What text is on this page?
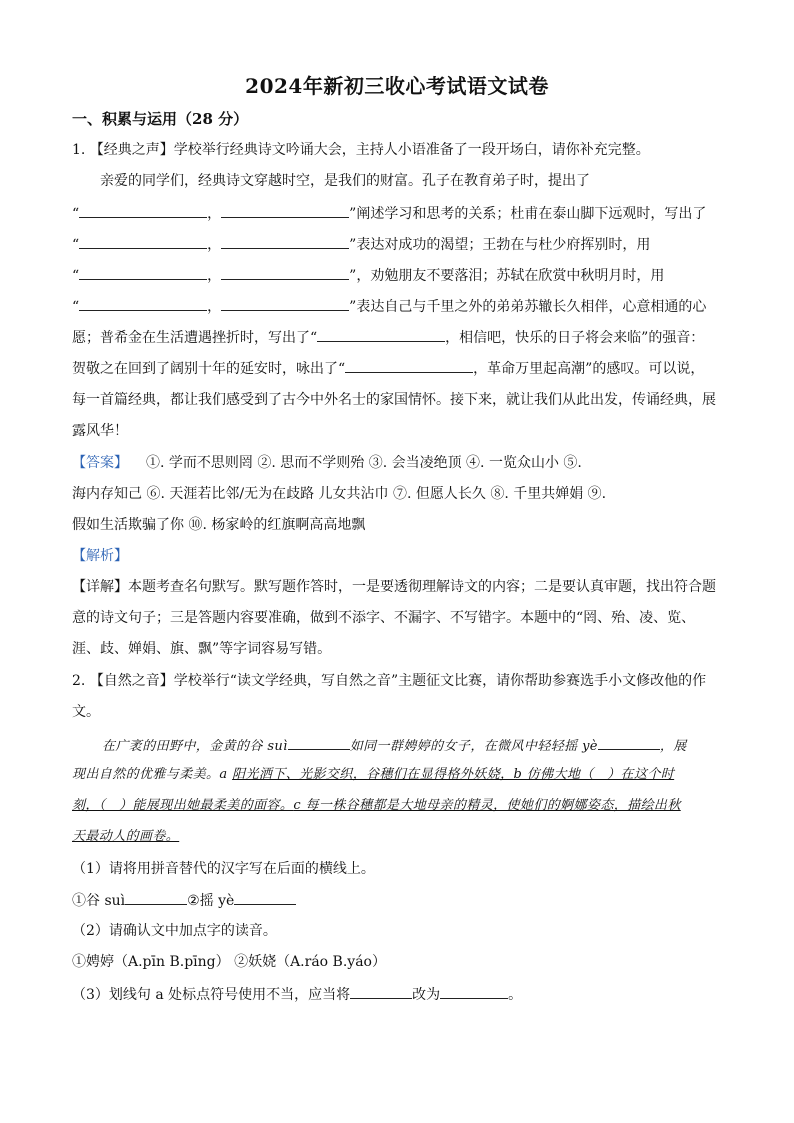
2024年新初三收心考试语文试卷
一、积累与运用（28 分）
1. 【经典之声】学校举行经典诗文吟诵大会，主持人小语准备了一段开场白，请你补充完整。
亲爱的同学们，经典诗文穿越时空，是我们的财富。孔子在教育弟子时，提出了
“	，	”阐述学习和思考的关系；杜甫在泰山脚下远观时，写出了
“	，	”表达对成功的渴望；王勃在与杜少府挥别时，用
“	，	”，劝勉朋友不要落泪；苏轼在欣赏中秋明月时，用
“	，	”表达自己与千里之外的弟弟苏辙长久相伴，心意相通的心
愿；普希金在生活遭遇挫折时，写出了“	，相信吧，快乐的日子将会来临”的强音：
贺敬之在回到了阔别十年的延安时，咏出了“	，革命万里起高潮”的感叹。可以说，
每一首篇经典，都让我们感受到了古今中外名士的家国情怀。接下来，就让我们从此出发，传诵经典，展
露风华！
【答案】 ①. 学而不思则罔 ②. 思而不学则殆 ③. 会当凌绝顶 ④. 一览众山小 ⑤.
海内存知己 ⑥. 天涯若比邻/无为在歧路 儿女共沾巾 ⑦. 但愿人长久 ⑧. 千里共婵娟 ⑨.
假如生活欺骗了你 ⑩. 杨家岭的红旗啊高高地飘
【解析】
【详解】本题考查名句默写。默写题作答时，一是要透彻理解诗文的内容；二是要认真审题，找出符合题
意的诗文句子；三是答题内容要准确，做到不添字、不漏字、不写错字。本题中的“罔、殆、凌、览、
涯、歧、婵娟、旗、飘”等字词容易写错。
2. 【自然之音】学校举行“读文学经典，写自然之音”主题征文比赛，请你帮助参赛选手小文修改他的作
文。
在广袤的田野中，金黄的谷 suì	如同一群娉婷的女子，在微风中轻轻摇 yè	，展
现出自然的优雅与柔美。a 阳光洒下、光影交织，谷穗们在显得格外妖娆，b 仿佛大地（　）在这个时
刻，（　）能展现出她最柔美的面容。c 每一株谷穗都是大地母亲的精灵，使她们的婀娜姿态，描绘出秋
天最动人的画卷。
（1）请将用拼音替代的汉字写在后面的横线上。
①谷 suì	②摇 yè
（2）请确认文中加点字的读音。
①娉婷（A.pīn B.pīng） ②妖娆（A.ráo B.yáo）
（3）划线句 a 处标点符号使用不当，应当将	改为	。
